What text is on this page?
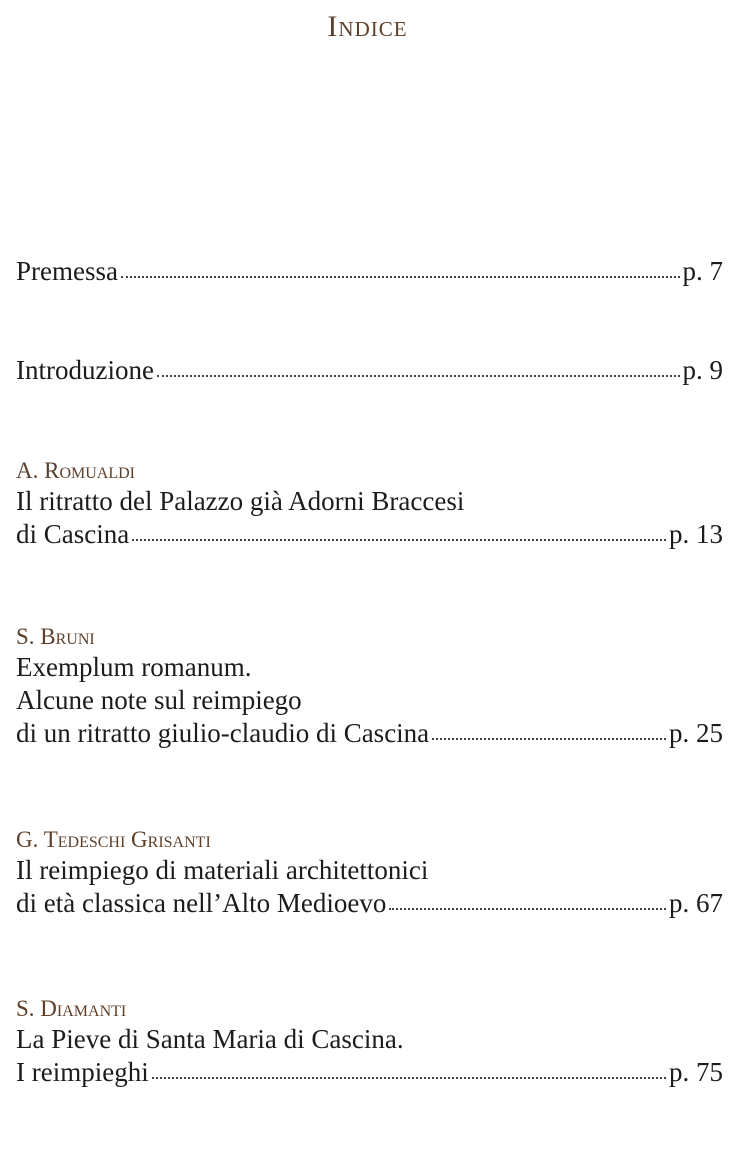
Indice
Premessa	p. 7
Introduzione	p. 9
A. Romualdi
Il ritratto del Palazzo già Adorni Braccesi
di Cascina	p. 13
S. Bruni
Exemplum romanum.
Alcune note sul reimpiego
di un ritratto giulio-claudio di Cascina	p. 25
G. Tedeschi Grisanti
Il reimpiego di materiali architettonici
di età classica nell’Alto Medioevo	p. 67
S. Diamanti
La Pieve di Santa Maria di Cascina.
I reimpieghi	p. 75
